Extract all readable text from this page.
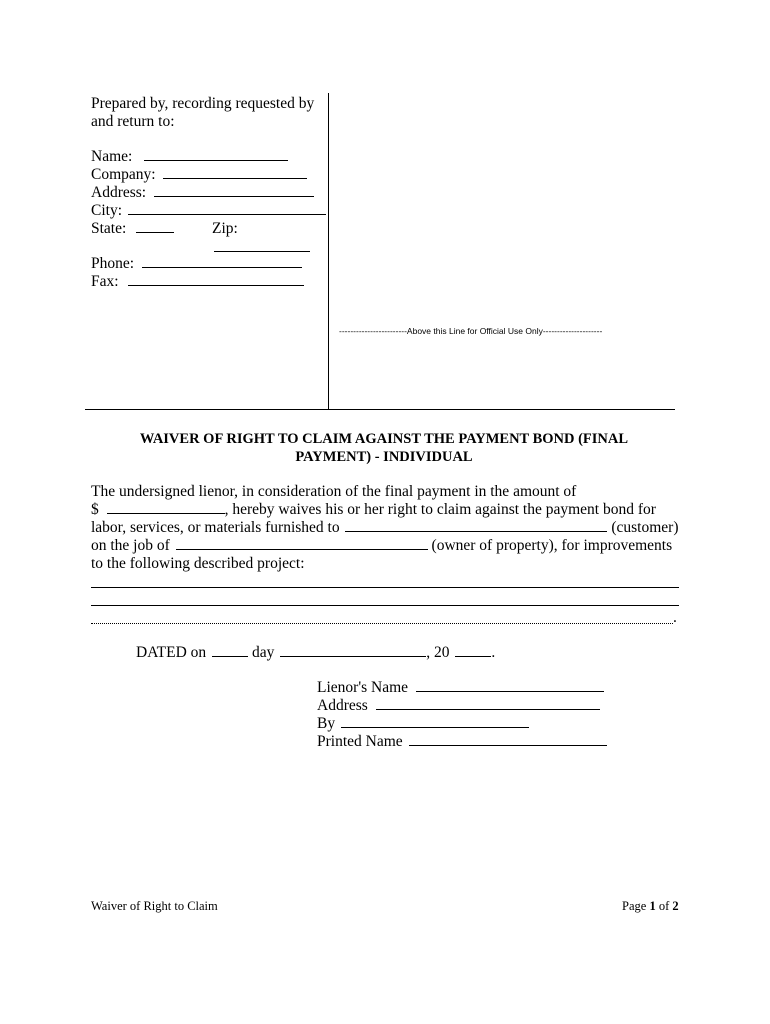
Prepared by, recording requested by
and return to:
Name:
Company:
Address:
City:
State:	Zip:
Phone:
Fax:
------------------------Above this Line for Official Use Only---------------------
WAIVER OF RIGHT TO CLAIM AGAINST THE PAYMENT BOND (FINAL
PAYMENT) - INDIVIDUAL
The undersigned lienor, in consideration of the final payment in the amount of
$	, hereby waives his or her right to claim against the payment bond for
labor, services, or materials furnished to	(customer)
on the job of	(owner of property), for improvements
to the following described project:
.
DATED on	day	, 20	.
Lienor's Name
Address
By
Printed Name
Waiver of Right to Claim	Page 1 of 2
